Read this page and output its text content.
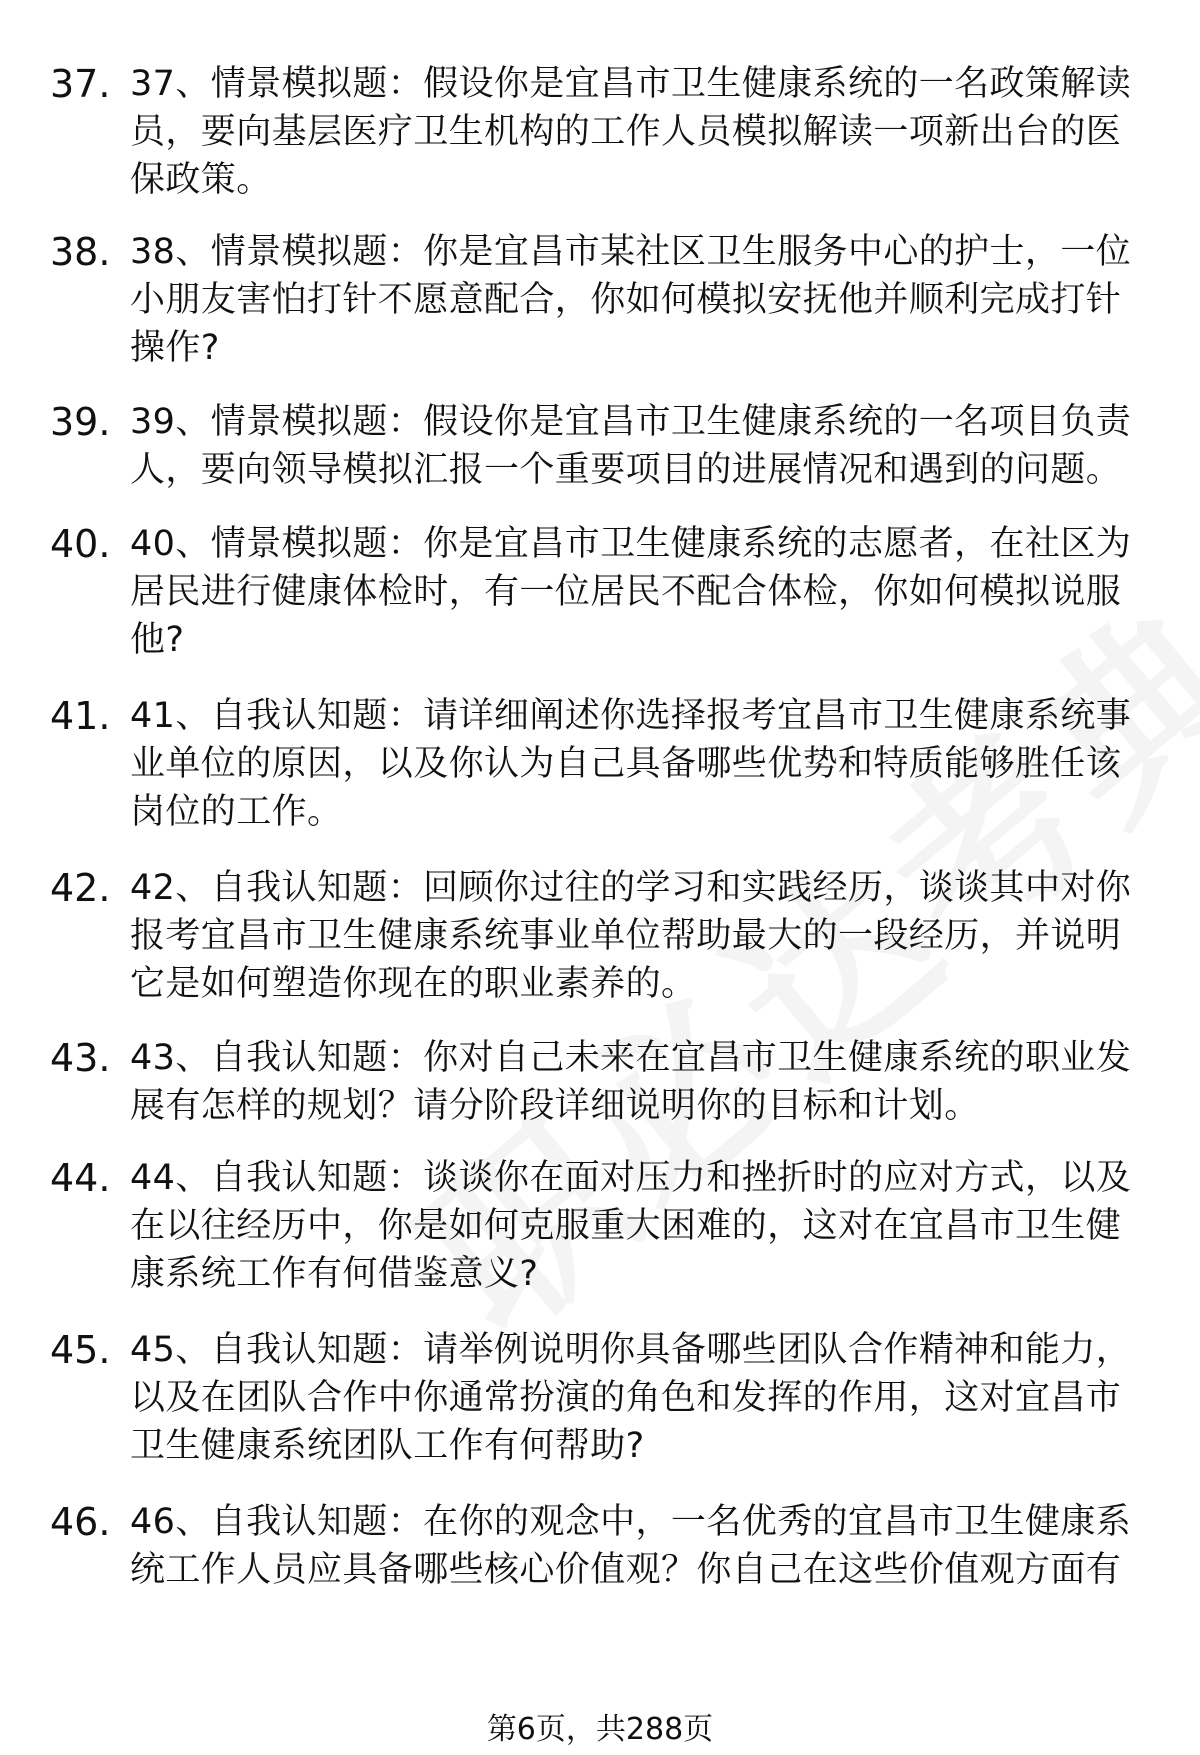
37. 37、情景模拟题：假设你是宜昌市卫生健康系统的一名政策解读员，要向基层医疗卫生机构的工作人员模拟解读一项新出台的医保政策。
38. 38、情景模拟题：你是宜昌市某社区卫生服务中心的护士，一位小朋友害怕打针不愿意配合，你如何模拟安抚他并顺利完成打针操作?
39. 39、情景模拟题：假设你是宜昌市卫生健康系统的一名项目负责人，要向领导模拟汇报一个重要项目的进展情况和遇到的问题。
40. 40、情景模拟题：你是宜昌市卫生健康系统的志愿者，在社区为居民进行健康体检时，有一位居民不配合体检，你如何模拟说服他?
41. 41、自我认知题：请详细阐述你选择报考宜昌市卫生健康系统事业单位的原因，以及你认为自己具备哪些优势和特质能够胜任该岗位的工作。
42. 42、自我认知题：回顾你过往的学习和实践经历，谈谈其中对你报考宜昌市卫生健康系统事业单位帮助最大的一段经历，并说明它是如何塑造你现在的职业素养的。
43. 43、自我认知题：你对自己未来在宜昌市卫生健康系统的职业发展有怎样的规划？请分阶段详细说明你的目标和计划。
44. 44、自我认知题：谈谈你在面对压力和挫折时的应对方式，以及在以往经历中，你是如何克服重大困难的，这对在宜昌市卫生健康系统工作有何借鉴意义?
45. 45、自我认知题：请举例说明你具备哪些团队合作精神和能力，以及在团队合作中你通常扮演的角色和发挥的作用，这对宜昌市卫生健康系统团队工作有何帮助?
46. 46、自我认知题：在你的观念中，一名优秀的宜昌市卫生健康系统工作人员应具备哪些核心价值观？你自己在这些价值观方面有
第6页，共288页
